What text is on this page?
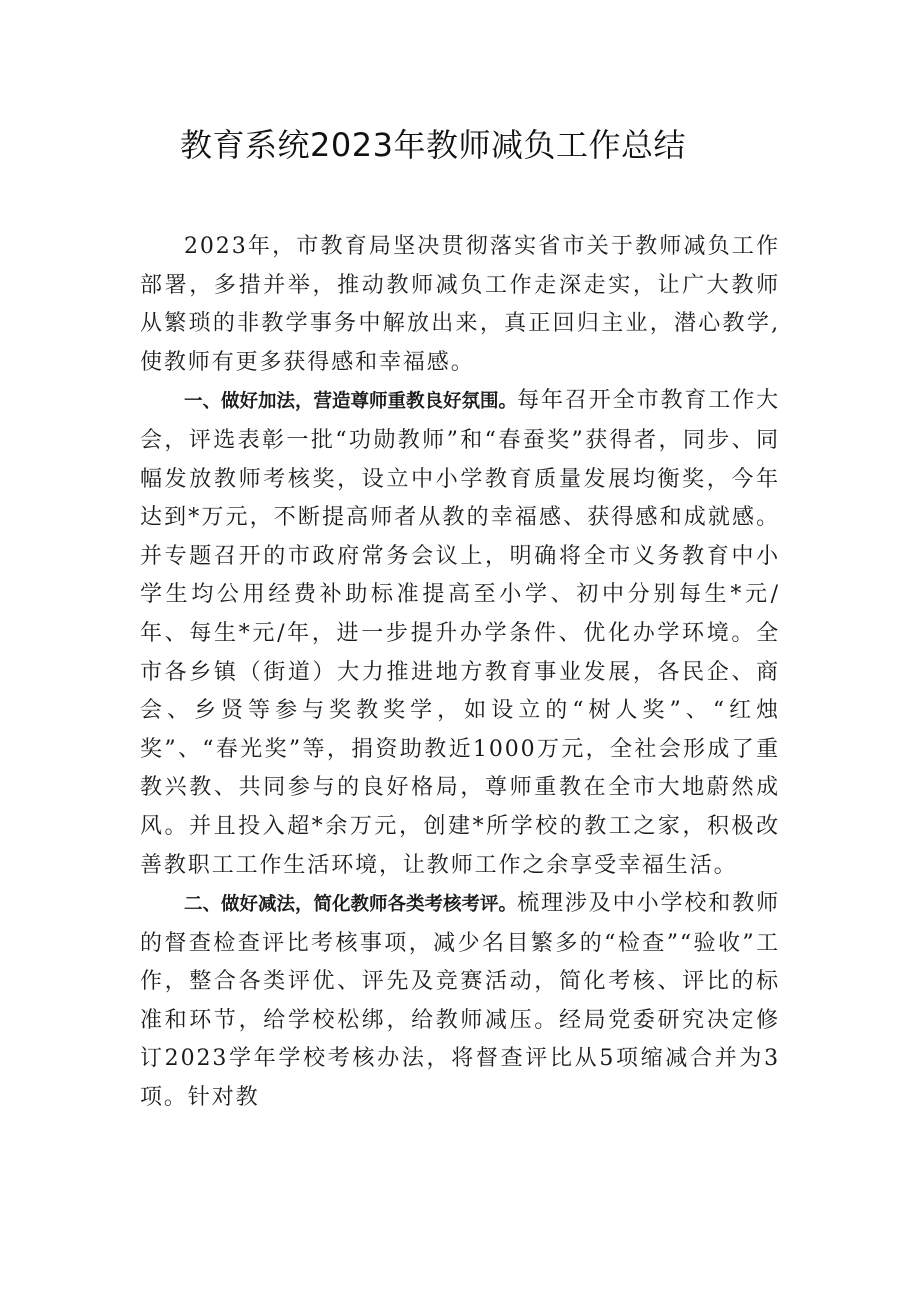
教育系统2023年教师减负工作总结

2023年，市教育局坚决贯彻落实省市关于教师减负工作部署，多措并举，推动教师减负工作走深走实，让广大教师从繁琐的非教学事务中解放出来，真正回归主业，潜心教学,使教师有更多获得感和幸福感。

一、做好加法，营造尊师重教良好氛围。每年召开全市教育工作大会，评选表彰一批“功勋教师”和“春蚕奖”获得者，同步、同幅发放教师考核奖，设立中小学教育质量发展均衡奖，今年达到*万元，不断提高师者从教的幸福感、获得感和成就感。并专题召开的市政府常务会议上，明确将全市义务教育中小学生均公用经费补助标准提高至小学、初中分别每生*元/年、每生*元/年，进一步提升办学条件、优化办学环境。全市各乡镇（街道）大力推进地方教育事业发展，各民企、商会、乡贤等参与奖教奖学，如设立的“树人奖”、“红烛奖”、“春光奖”等，捐资助教近1000万元，全社会形成了重教兴教、共同参与的良好格局，尊师重教在全市大地蔚然成风。并且投入超*余万元，创建*所学校的教工之家，积极改善教职工工作生活环境，让教师工作之余享受幸福生活。

二、做好减法，简化教师各类考核考评。梳理涉及中小学校和教师的督查检查评比考核事项，减少名目繁多的“检查”“验收”工作，整合各类评优、评先及竞赛活动，简化考核、评比的标准和环节，给学校松绑，给教师减压。经局党委研究决定修订2023学年学校考核办法，将督查评比从5项缩减合并为3项。针对教
